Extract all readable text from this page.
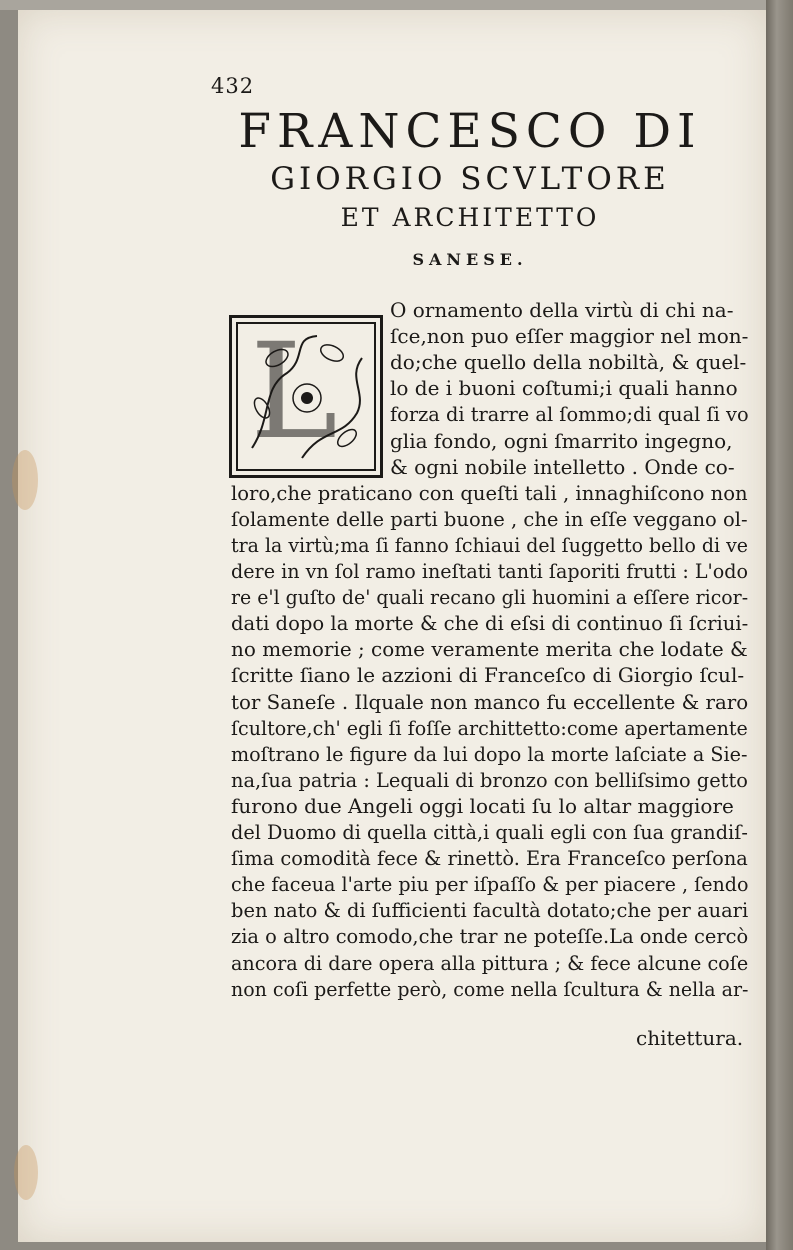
432
FRANCESCO DI
GIORGIO SCVLTORE
ET ARCHITETTO
SANESE.
L
O ornamento della virtù di chi na-
ſce,non puo eſſer maggior nel mon-
do;che quello della nobiltà, & quel-
lo de i buoni coſtumi;i quali hanno
forza di trarre al ſommo;di qual ſi vo
glia fondo, ogni ſmarrito ingegno,
& ogni nobile intelletto . Onde co-
loro,che praticano con queſti tali , innaghiſcono non
ſolamente delle parti buone , che in eſſe veggano ol-
tra la virtù;ma ſi fanno ſchiaui del ſuggetto bello di ve
dere in vn ſol ramo ineſtati tanti ſaporiti frutti : L'odo
re e'l guſto de' quali recano gli huomini a eſſere ricor-
dati dopo la morte & che di eſsi di continuo ſi ſcriui-
no memorie ; come veramente merita che lodate &
ſcritte ſiano le azzioni di Franceſco di Giorgio ſcul-
tor Saneſe . Ilquale non manco fu eccellente & raro
ſcultore,ch' egli ſi foſſe archittetto:come apertamente
moſtrano le figure da lui dopo la morte laſciate a Sie-
na,ſua patria : Lequali di bronzo con belliſsimo getto
furono due Angeli oggi locati ſu lo altar maggiore
del Duomo di quella città,i quali egli con ſua grandiſ-
ſima comodità fece & rinettò. Era Franceſco perſona
che faceua l'arte piu per iſpaſſo & per piacere , ſendo
ben nato & di ſufficienti facultà dotato;che per auari
zia o altro comodo,che trar ne poteſſe.La onde cercò
ancora di dare opera alla pittura ; & fece alcune coſe
non coſi perfette però, come nella ſcultura & nella ar-
chitettura.
